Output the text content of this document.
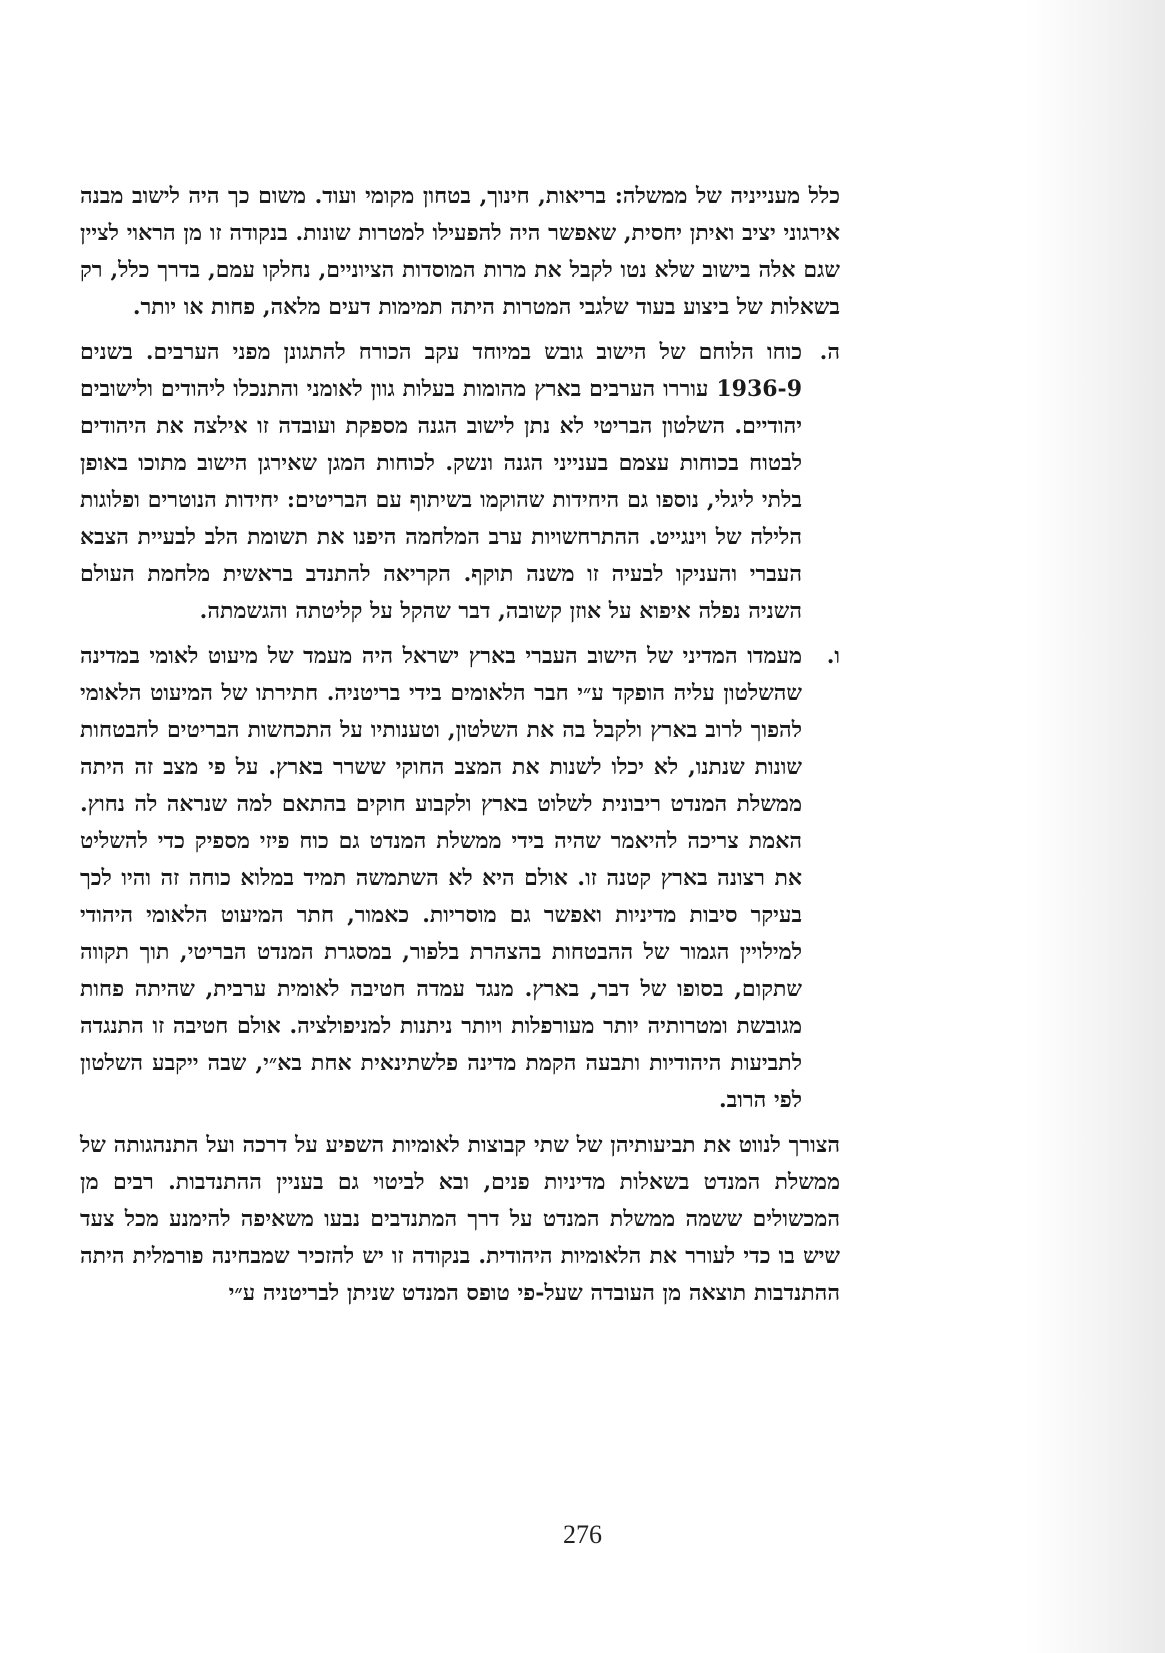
כלל מענייניה של ממשלה: בריאות, חינוך, בטחון מקומי ועוד. משום כך היה לישוב מבנה אירגוני יציב ואיתן יחסית, שאפשר היה להפעילו למטרות שונות. בנקודה זו מן הראוי לציין שגם אלה בישוב שלא נטו לקבל את מרות המוסדות הציוניים, נחלקו עמם, בדרך כלל, רק בשאלות של ביצוע בעוד שלגבי המטרות היתה תמימות דעים מלאה, פחות או יותר.

ה.
כוחו הלוחם של הישוב גובש במיוחד עקב הכורח להתגונן מפני הערבים. בשנים 1936-9 עוררו הערבים בארץ מהומות בעלות גוון לאומני והתנכלו ליהודים ולישובים יהודיים. השלטון הבריטי לא נתן לישוב הגנה מספקת ועובדה זו אילצה את היהודים לבטוח בכוחות עצמם בענייני הגנה ונשק. לכוחות המגן שאירגן הישוב מתוכו באופן בלתי ליגלי, נוספו גם היחידות שהוקמו בשיתוף עם הבריטים: יחידות הנוטרים ופלוגות הלילה של וינגייט. ההתרחשויות ערב המלחמה היפנו את תשומת הלב לבעיית הצבא העברי והעניקו לבעיה זו משנה תוקף. הקריאה להתנדב בראשית מלחמת העולם השניה נפלה איפוא על אוזן קשובה, דבר שהקל על קליטתה והגשמתה.
ו.
מעמדו המדיני של הישוב העברי בארץ ישראל היה מעמד של מיעוט לאומי במדינה שהשלטון עליה הופקד ע״י חבר הלאומים בידי בריטניה. חתירתו של המיעוט הלאומי להפוך לרוב בארץ ולקבל בה את השלטון, וטענותיו על התכחשות הבריטים להבטחות שונות שנתנו, לא יכלו לשנות את המצב החוקי ששרר בארץ. על פי מצב זה היתה ממשלת המנדט ריבונית לשלוט בארץ ולקבוע חוקים בהתאם למה שנראה לה נחוץ. האמת צריכה להיאמר שהיה בידי ממשלת המנדט גם כוח פיזי מספיק כדי להשליט את רצונה בארץ קטנה זו. אולם היא לא השתמשה תמיד במלוא כוחה זה והיו לכך בעיקר סיבות מדיניות ואפשר גם מוסריות. כאמור, חתר המיעוט הלאומי היהודי למילויין הגמור של ההבטחות בהצהרת בלפור, במסגרת המנדט הבריטי, תוך תקווה שתקום, בסופו של דבר, בארץ. מנגד עמדה חטיבה לאומית ערבית, שהיתה פחות מגובשת ומטרותיה יותר מעורפלות ויותר ניתנות למניפולציה. אולם חטיבה זו התנגדה לתביעות היהודיות ותבעה הקמת מדינה פלשתינאית אחת בא״י, שבה ייקבע השלטון לפי הרוב.

הצורך לנווט את תביעותיהן של שתי קבוצות לאומיות השפיע על דרכה ועל התנהגותה של ממשלת המנדט בשאלות מדיניות פנים, ובא לביטוי גם בעניין ההתנדבות. רבים מן המכשולים ששמה ממשלת המנדט על דרך המתנדבים נבעו משאיפה להימנע מכל צעד שיש בו כדי לעורר את הלאומיות היהודית. בנקודה זו יש להזכיר שמבחינה פורמלית היתה ההתנדבות תוצאה מן העובדה שעל-פי טופס המנדט שניתן לבריטניה ע״י

276
